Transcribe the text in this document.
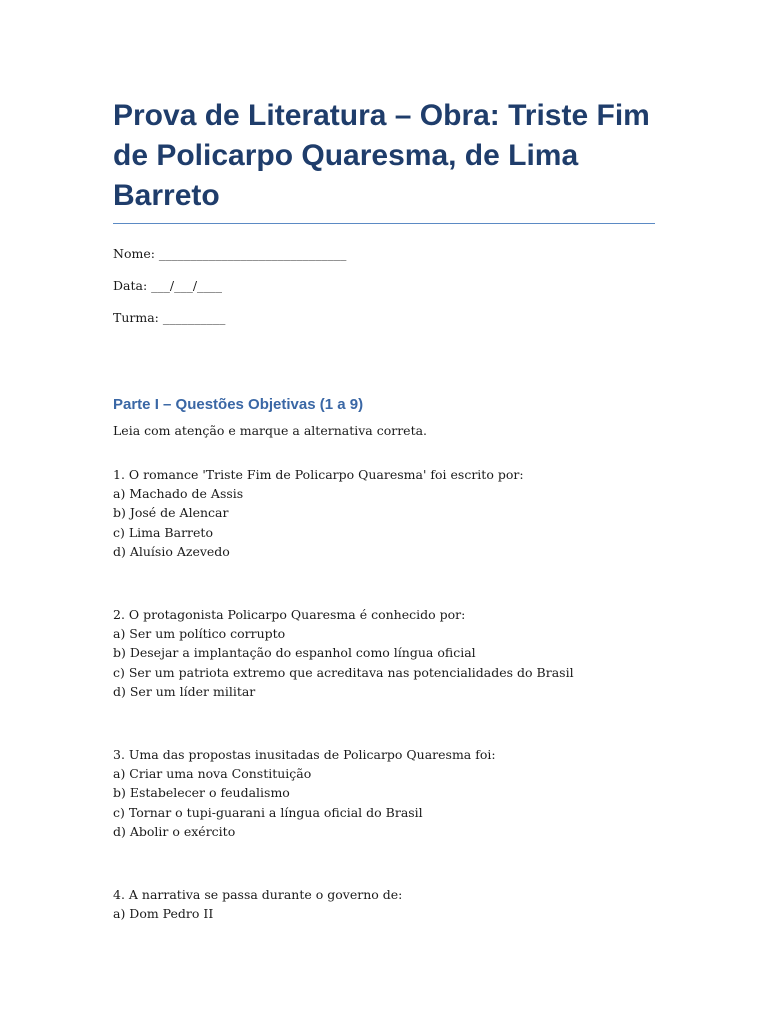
Prova de Literatura – Obra: Triste Fim de Policarpo Quaresma, de Lima Barreto
Nome: ______________________________
Data: ___/___/____
Turma: __________
Parte I – Questões Objetivas (1 a 9)

Leia com atenção e marque a alternativa correta.

1. O romance 'Triste Fim de Policarpo Quaresma' foi escrito por:
a) Machado de Assis
b) José de Alencar
c) Lima Barreto
d) Aluísio Azevedo
2. O protagonista Policarpo Quaresma é conhecido por:
a) Ser um político corrupto
b) Desejar a implantação do espanhol como língua oficial
c) Ser um patriota extremo que acreditava nas potencialidades do Brasil
d) Ser um líder militar
3. Uma das propostas inusitadas de Policarpo Quaresma foi:
a) Criar uma nova Constituição
b) Estabelecer o feudalismo
c) Tornar o tupi-guarani a língua oficial do Brasil
d) Abolir o exército
4. A narrativa se passa durante o governo de:
a) Dom Pedro II
